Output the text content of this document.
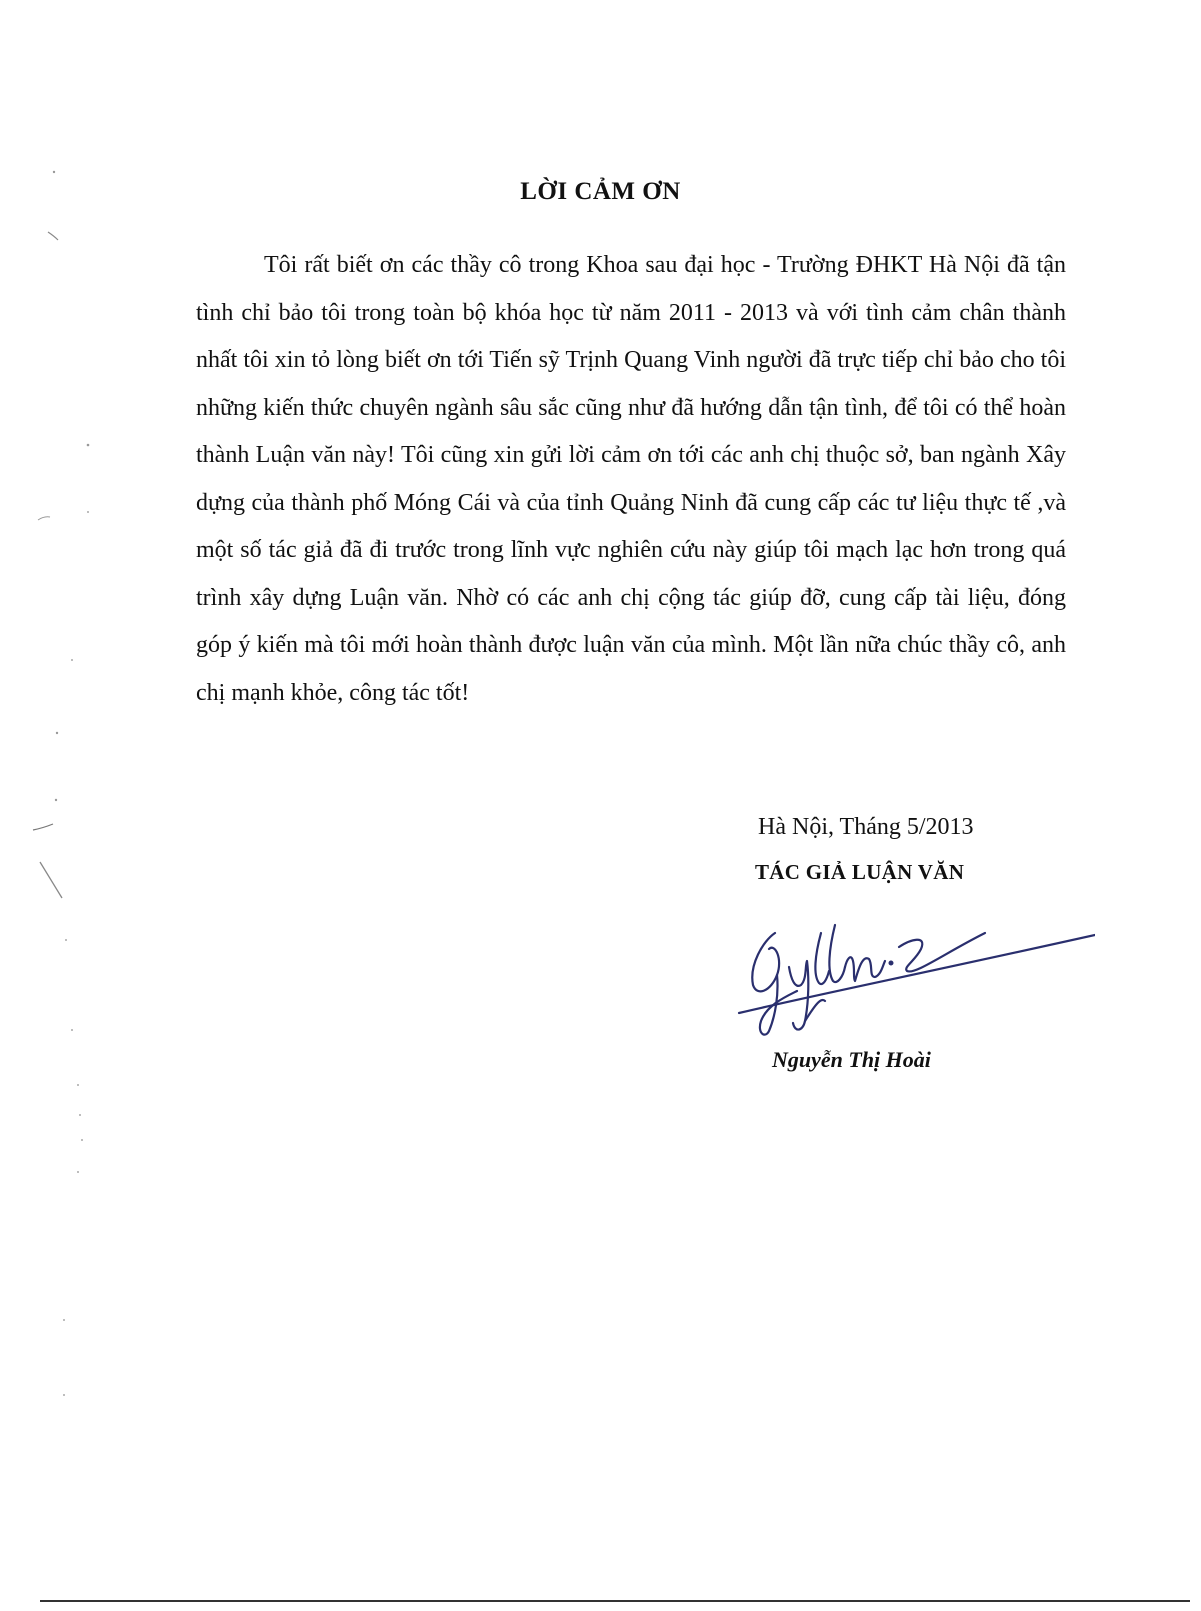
LỜI CẢM ƠN

Tôi rất biết ơn các thầy cô trong Khoa sau đại học - Trường ĐHKT Hà Nội đã tận tình chỉ bảo tôi trong toàn bộ khóa học từ năm 2011 - 2013 và với tình cảm chân thành nhất tôi xin tỏ lòng biết ơn tới Tiến sỹ Trịnh Quang Vinh người đã trực tiếp chỉ bảo cho tôi những kiến thức chuyên ngành sâu sắc cũng như đã hướng dẫn tận tình, để tôi có thể hoàn thành Luận văn này! Tôi cũng xin gửi lời cảm ơn tới các anh chị thuộc sở, ban ngành Xây dựng của thành phố Móng Cái và của tỉnh Quảng Ninh đã cung cấp các tư liệu thực tế ,và một số tác giả đã đi trước trong lĩnh vực nghiên cứu này giúp tôi mạch lạc hơn trong quá trình xây dựng Luận văn. Nhờ có các anh chị cộng tác giúp đỡ, cung cấp tài liệu, đóng góp ý kiến mà tôi mới hoàn thành được luận văn của mình. Một lần nữa chúc thầy cô, anh chị mạnh khỏe, công tác tốt!

Hà Nội, Tháng 5/2013
TÁC GIẢ LUẬN VĂN
Nguyễn Thị Hoài
